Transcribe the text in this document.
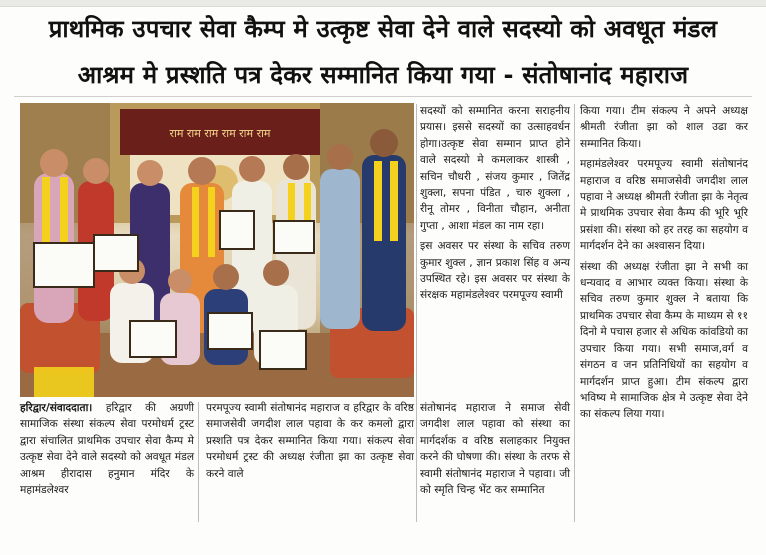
प्राथमिक उपचार सेवा कैम्प मे उत्कृष्ट सेवा देने वाले सदस्यो को अवधूत मंडल
आश्रम मे प्रस्शति पत्र देकर सम्मानित किया गया - संतोषानांद महाराज
राम राम राम राम राम राम

हरिद्वार/संवाददाता। हरिद्वार की अग्रणी सामाजिक संस्था संकल्प सेवा परमोधर्म ट्रस्ट द्वारा संचालित प्राथमिक उपचार सेवा कैम्प मे उत्कृष्ट सेवा देने वाले सदस्यो को अवधूत मंडल आश्रम हीरादास हनुमान मंदिर के महामंडलेश्वर

परमपूज्य स्वामी संतोषानंद महाराज व हरिद्वार के वरिष्ठ समाजसेवी जगदीश लाल पहावा के कर कमलो द्वारा प्रस्शति पत्र देकर सम्मानित किया गया। संकल्प सेवा परमोधर्म ट्रस्ट की अध्यक्ष रंजीता झा का उत्कृष्ट सेवा करने वाले

सदस्यों को सम्मानित करना सराहनीय प्रयास। इससे सदस्यों का उत्साहवर्धन होगा।उत्कृष्ट सेवा सम्मान प्राप्त होने वाले सदस्यो मे कमलाकर शास्त्री , सचिन चौधरी , संजय कुमार , जितेंद्र शुक्ला, सपना पंडित , चारु शुक्ला , रीनू तोमर , विनीता चौहान, अनीता गुप्ता , आशा मंडल का नाम रहा।

इस अवसर पर संस्था के सचिव तरुण कुमार शुक्ल , ज्ञान प्रकाश सिंह व अन्य उपस्थित रहे। इस अवसर पर संस्था के संरक्षक महामंडलेश्वर परमपूज्य स्वामी

संतोषानंद महाराज ने समाज सेवी जगदीश लाल पहावा को संस्था का मार्गदर्शक व वरिष्ठ सलाहकार नियुक्त करने की घोषणा की। संस्था के तरफ से स्वामी संतोषानंद महाराज ने पहावा। जी को स्मृति चिन्ह भेंट कर सम्मानित

किया गया। टीम संकल्प ने अपने अध्यक्ष श्रीमती रंजीता झा को शाल उढा कर सम्मानित किया।

महामंडलेश्वर परमपूज्य स्वामी संतोषानंद महाराज व वरिष्ठ समाजसेवी जगदीश लाल पहावा ने अध्यक्ष श्रीमती रंजीता झा के नेतृत्व मे प्राथमिक उपचार सेवा कैम्प की भूरि भूरि प्रसंशा की। संस्था को हर तरह का सहयोग व मार्गदर्शन देने का अश्वासन दिया।

संस्था की अध्यक्ष रंजीता झा ने सभी का धन्यवाद व आभार व्यक्त किया। संस्था के सचिव तरुण कुमार शुक्ल ने बताया कि प्राथमिक उपचार सेवा कैम्प के माध्यम से ११ दिनो मे पचास हजार से अधिक कांवडियो का उपचार किया गया। सभी समाज,वर्ग व संगठन व जन प्रतिनिधियों का सहयोग व मार्गदर्शन प्राप्त हुआ। टीम संकल्प द्वारा भविष्य मे सामाजिक क्षेत्र मे उत्कृष्ट सेवा देने का संकल्प लिया गया।
